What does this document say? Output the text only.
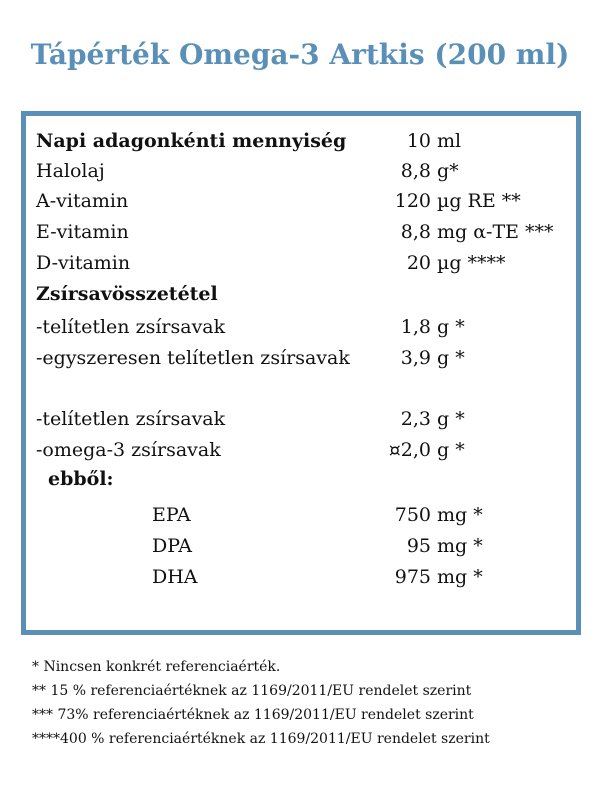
Tápérték Omega-3 Artkis (200 ml)
Napi adagonkénti mennyiség	10 ml
Halolaj	8,8 g*
A-vitamin	120 µg RE **
E-vitamin	8,8 mg α-TE ***
D-vitamin	20 µg ****
Zsírsavösszetétel
-telítetlen zsírsavak	1,8 g *
-egyszeresen telítetlen zsírsavak	3,9 g *
-telítetlen zsírsavak	2,3 g *
-omega-3 zsírsavak	¤2,0 g *
ebből:
EPA	750 mg *
DPA	95 mg *
DHA	975 mg *
* Nincsen konkrét referenciaérték.
** 15 % referenciaértéknek az 1169/2011/EU rendelet szerint
*** 73% referenciaértéknek az 1169/2011/EU rendelet szerint
****400 % referenciaértéknek az 1169/2011/EU rendelet szerint
